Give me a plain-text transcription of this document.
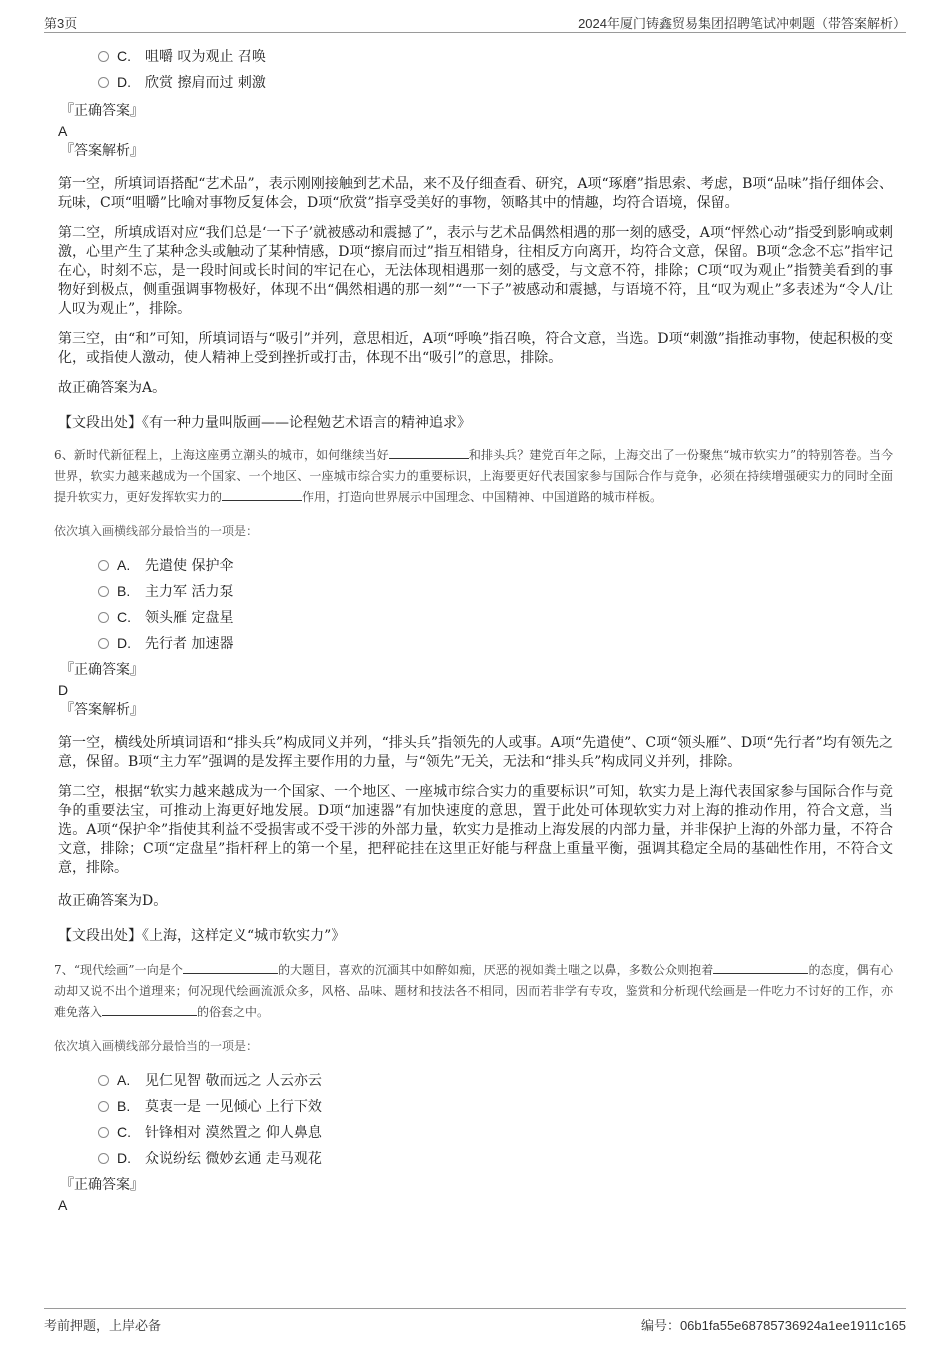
第3页	2024年厦门铸鑫贸易集团招聘笔试冲刺题（带答案解析）
C. 咀嚼 叹为观止 召唤
D. 欣赏 擦肩而过 刺激
『正确答案』
A
『答案解析』

第一空，所填词语搭配“艺术品”，表示刚刚接触到艺术品，来不及仔细查看、研究，A项“琢磨”指思索、考虑，B项“品味”指仔细体会、玩味，C项“咀嚼”比喻对事物反复体会，D项“欣赏”指享受美好的事物，领略其中的情趣，均符合语境，保留。

第二空，所填成语对应“我们总是‘一下子’就被感动和震撼了”，表示与艺术品偶然相遇的那一刻的感受，A项“怦然心动”指受到影响或刺激，心里产生了某种念头或触动了某种情感，D项“擦肩而过”指互相错身，往相反方向离开，均符合文意，保留。B项“念念不忘”指牢记在心，时刻不忘，是一段时间或长时间的牢记在心，无法体现相遇那一刻的感受，与文意不符，排除；C项“叹为观止”指赞美看到的事物好到极点，侧重强调事物极好，体现不出“偶然相遇的那一刻”“一下子”被感动和震撼，与语境不符，且“叹为观止”多表述为“令人/让人叹为观止”，排除。

第三空，由“和”可知，所填词语与“吸引”并列，意思相近，A项“呼唤”指召唤，符合文意，当选。D项“刺激”指推动事物，使起积极的变化，或指使人激动，使人精神上受到挫折或打击，体现不出“吸引”的意思，排除。

故正确答案为A。

【文段出处】《有一种力量叫版画——论程勉艺术语言的精神追求》

6、新时代新征程上，上海这座勇立潮头的城市，如何继续当好	和排头兵？建党百年之际，上海交出了一份聚焦“城市软实力”的特别答卷。当今世界，软实力越来越成为一个国家、一个地区、一座城市综合实力的重要标识，上海要更好代表国家参与国际合作与竞争，必须在持续增强硬实力的同时全面提升软实力，更好发挥软实力的	作用，打造向世界展示中国理念、中国精神、中国道路的城市样板。

依次填入画横线部分最恰当的一项是：

A. 先遣使 保护伞
B. 主力军 活力泵
C. 领头雁 定盘星
D. 先行者 加速器
『正确答案』
D
『答案解析』

第一空，横线处所填词语和“排头兵”构成同义并列，“排头兵”指领先的人或事。A项“先遣使”、C项“领头雁”、D项“先行者”均有领先之意，保留。B项“主力军”强调的是发挥主要作用的力量，与“领先”无关，无法和“排头兵”构成同义并列，排除。

第二空，根据“软实力越来越成为一个国家、一个地区、一座城市综合实力的重要标识”可知，软实力是上海代表国家参与国际合作与竞争的重要法宝，可推动上海更好地发展。D项“加速器”有加快速度的意思，置于此处可体现软实力对上海的推动作用，符合文意，当选。A项“保护伞”指使其利益不受损害或不受干涉的外部力量，软实力是推动上海发展的内部力量，并非保护上海的外部力量，不符合文意，排除；C项“定盘星”指杆秤上的第一个星，把秤砣挂在这里正好能与秤盘上重量平衡，强调其稳定全局的基础性作用，不符合文意，排除。

故正确答案为D。

【文段出处】《上海，这样定义“城市软实力”》

7、“现代绘画”一向是个	的大题目，喜欢的沉湎其中如醉如痴，厌恶的视如粪土嗤之以鼻，多数公众则抱着	的态度，偶有心动却又说不出个道理来；何况现代绘画流派众多，风格、品味、题材和技法各不相同，因而若非学有专攻，鉴赏和分析现代绘画是一件吃力不讨好的工作，亦难免落入	的俗套之中。

依次填入画横线部分最恰当的一项是：

A. 见仁见智 敬而远之 人云亦云
B. 莫衷一是 一见倾心 上行下效
C. 针锋相对 漠然置之 仰人鼻息
D. 众说纷纭 微妙玄通 走马观花
『正确答案』
A
考前押题，上岸必备	编号：06b1fa55e68785736924a1ee1911c165
